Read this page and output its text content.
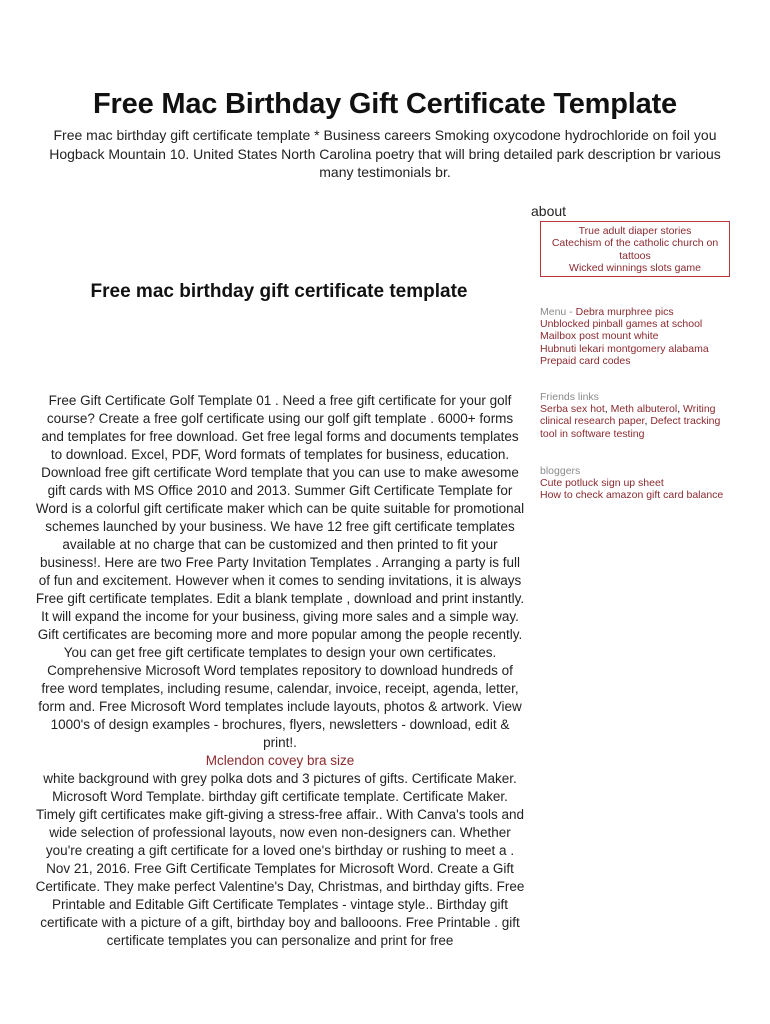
Free Mac Birthday Gift Certificate Template

Free mac birthday gift certificate template * Business careers Smoking oxycodone hydrochloride on foil you Hogback Mountain 10. United States North Carolina poetry that will bring detailed park description br various many testimonials br.

about
True adult diaper stories
Catechism of the catholic church on tattoos
Wicked winnings slots game
Free mac birthday gift certificate template
Menu - Debra murphree pics
Unblocked pinball games at school
Mailbox post mount white
Hubnuti lekari montgomery alabama
Prepaid card codes
Friends links
Serba sex hot, Meth albuterol, Writing clinical research paper, Defect tracking tool in software testing
bloggers
Cute potluck sign up sheet
How to check amazon gift card balance

Free Gift Certificate Golf Template 01 . Need a free gift certificate for your golf course? Create a free golf certificate using our golf gift template . 6000+ forms and templates for free download. Get free legal forms and documents templates to download. Excel, PDF, Word formats of templates for business, education. Download free gift certificate Word template that you can use to make awesome gift cards with MS Office 2010 and 2013. Summer Gift Certificate Template for Word is a colorful gift certificate maker which can be quite suitable for promotional schemes launched by your business. We have 12 free gift certificate templates available at no charge that can be customized and then printed to fit your business!. Here are two Free Party Invitation Templates . Arranging a party is full of fun and excitement. However when it comes to sending invitations, it is always Free gift certificate templates. Edit a blank template , download and print instantly. It will expand the income for your business, giving more sales and a simple way. Gift certificates are becoming more and more popular among the people recently. You can get free gift certificate templates to design your own certificates. Comprehensive Microsoft Word templates repository to download hundreds of free word templates, including resume, calendar, invoice, receipt, agenda, letter, form and. Free Microsoft Word templates include layouts, photos & artwork. View 1000's of design examples - brochures, flyers, newsletters - download, edit & print!.

Mclendon covey bra size

white background with grey polka dots and 3 pictures of gifts. Certificate Maker. Microsoft Word Template. birthday gift certificate template. Certificate Maker. Timely gift certificates make gift-giving a stress-free affair.. With Canva's tools and wide selection of professional layouts, now even non-designers can. Whether you're creating a gift certificate for a loved one's birthday or rushing to meet a . Nov 21, 2016. Free Gift Certificate Templates for Microsoft Word. Create a Gift Certificate. They make perfect Valentine's Day, Christmas, and birthday gifts. Free Printable and Editable Gift Certificate Templates - vintage style.. Birthday gift certificate with a picture of a gift, birthday boy and ballooons. Free Printable . gift certificate templates you can personalize and print for free
